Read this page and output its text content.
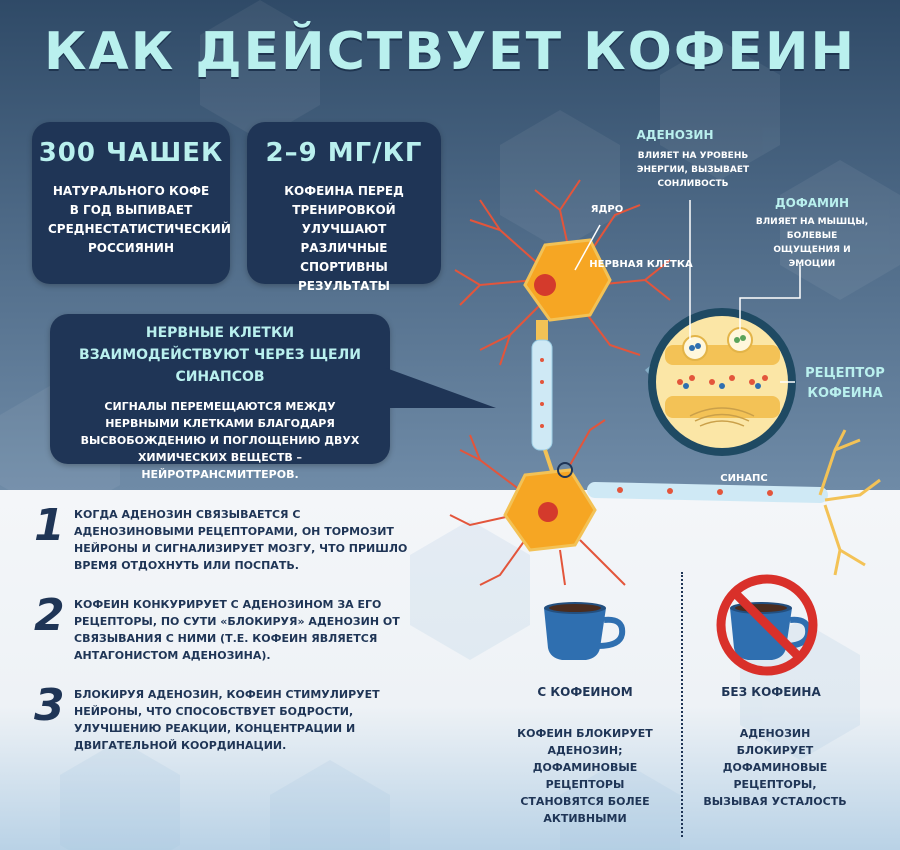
КАК ДЕЙСТВУЕТ КОФЕИН
300 ЧАШЕК
НАТУРАЛЬНОГО КОФЕ В ГОД ВЫПИВАЕТ СРЕДНЕСТАТИСТИЧЕСКИЙ РОССИЯНИН
2–9 МГ/КГ
КОФЕИНА ПЕРЕД ТРЕНИРОВКОЙ УЛУЧШАЮТ РАЗЛИЧНЫЕ СПОРТИВНЫ РЕЗУЛЬТАТЫ
НЕРВНЫЕ КЛЕТКИ ВЗАИМОДЕЙСТВУЮТ ЧЕРЕЗ ЩЕЛИ СИНАПСОВ
СИГНАЛЫ ПЕРЕМЕЩАЮТСЯ МЕЖДУ НЕРВНЫМИ КЛЕТКАМИ БЛАГОДАРЯ ВЫСВОБОЖДЕНИЮ И ПОГЛОЩЕНИЮ ДВУХ ХИМИЧЕСКИХ ВЕЩЕСТВ – НЕЙРОТРАНСМИТТЕРОВ.
АДЕНОЗИН
ВЛИЯЕТ НА УРОВЕНЬ ЭНЕРГИИ, ВЫЗЫВАЕТ СОНЛИВОСТЬ
ДОФАМИН
ВЛИЯЕТ НА МЫШЦЫ, БОЛЕВЫЕ ОЩУЩЕНИЯ И ЭМОЦИИ
ЯДРО
НЕРВНАЯ КЛЕТКА
РЕЦЕПТОР КОФЕИНА
СИНАПС
1 КОГДА АДЕНОЗИН СВЯЗЫВАЕТСЯ С АДЕНОЗИНОВЫМИ РЕЦЕПТОРАМИ, ОН ТОРМОЗИТ НЕЙРОНЫ И СИГНАЛИЗИРУЕТ МОЗГУ, ЧТО ПРИШЛО ВРЕМЯ ОТДОХНУТЬ ИЛИ ПОСПАТЬ.
2 КОФЕИН КОНКУРИРУЕТ С АДЕНОЗИНОМ ЗА ЕГО РЕЦЕПТОРЫ, ПО СУТИ «БЛОКИРУЯ» АДЕНОЗИН ОТ СВЯЗЫВАНИЯ С НИМИ (Т.Е. КОФЕИН ЯВЛЯЕТСЯ АНТАГОНИСТОМ АДЕНОЗИНА).
3 БЛОКИРУЯ АДЕНОЗИН, КОФЕИН СТИМУЛИРУЕТ НЕЙРОНЫ, ЧТО СПОСОБСТВУЕТ БОДРОСТИ, УЛУЧШЕНИЮ РЕАКЦИИ, КОНЦЕНТРАЦИИ И ДВИГАТЕЛЬНОЙ КООРДИНАЦИИ.
С КОФЕИНОМ
КОФЕИН БЛОКИРУЕТ АДЕНОЗИН; ДОФАМИНОВЫЕ РЕЦЕПТОРЫ СТАНОВЯТСЯ БОЛЕЕ АКТИВНЫМИ
БЕЗ КОФЕИНА
АДЕНОЗИН БЛОКИРУЕТ ДОФАМИНОВЫЕ РЕЦЕПТОРЫ, ВЫЗЫВАЯ УСТАЛОСТЬ
